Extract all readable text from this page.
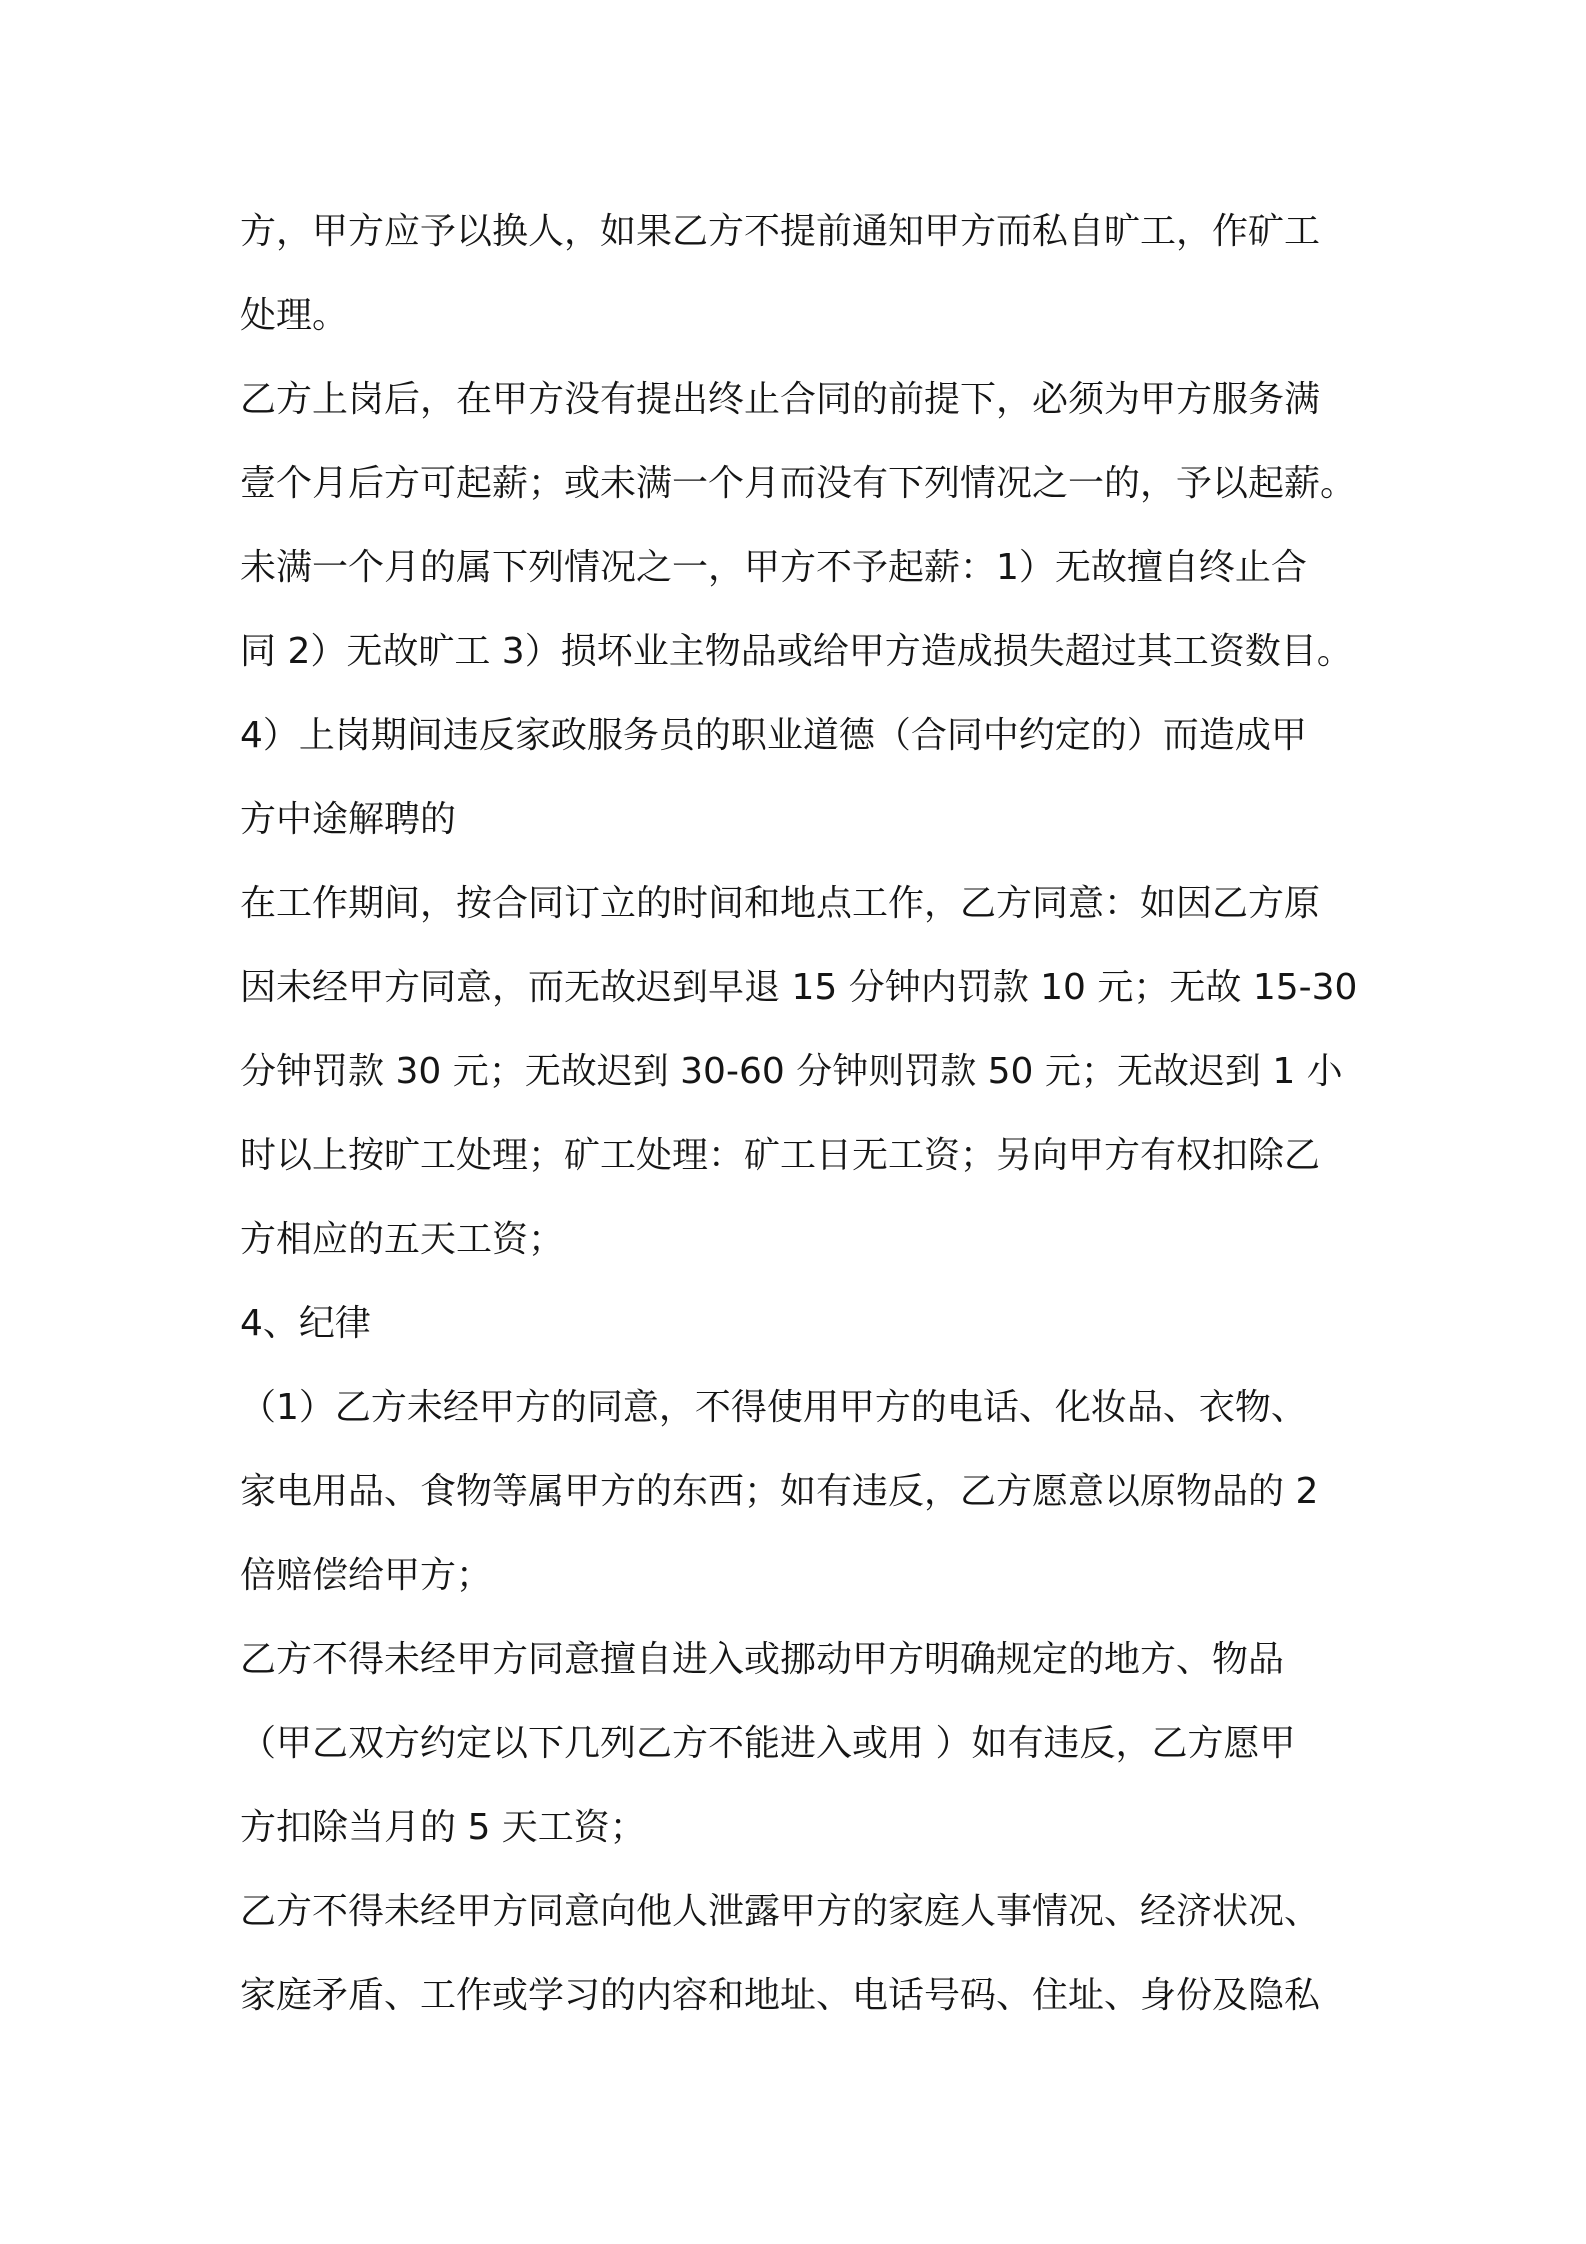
方，甲方应予以换人，如果乙方不提前通知甲方而私自旷工，作矿工
处理。
乙方上岗后，在甲方没有提出终止合同的前提下，必须为甲方服务满
壹个月后方可起薪；或未满一个月而没有下列情况之一的，予以起薪。
未满一个月的属下列情况之一，甲方不予起薪：1）无故擅自终止合
同 2）无故旷工 3）损坏业主物品或给甲方造成损失超过其工资数目。
4）上岗期间违反家政服务员的职业道德（合同中约定的）而造成甲
方中途解聘的
在工作期间，按合同订立的时间和地点工作，乙方同意：如因乙方原
因未经甲方同意，而无故迟到早退 15 分钟内罚款 10 元；无故 15-30
分钟罚款 30 元；无故迟到 30-60 分钟则罚款 50 元；无故迟到 1 小
时以上按旷工处理；矿工处理：矿工日无工资；另向甲方有权扣除乙
方相应的五天工资；
4、纪律
（1）乙方未经甲方的同意，不得使用甲方的电话、化妆品、衣物、
家电用品、食物等属甲方的东西；如有违反，乙方愿意以原物品的 2
倍赔偿给甲方；
乙方不得未经甲方同意擅自进入或挪动甲方明确规定的地方、物品
（甲乙双方约定以下几列乙方不能进入或用 ）如有违反，乙方愿甲
方扣除当月的 5 天工资；
乙方不得未经甲方同意向他人泄露甲方的家庭人事情况、经济状况、
家庭矛盾、工作或学习的内容和地址、电话号码、住址、身份及隐私
